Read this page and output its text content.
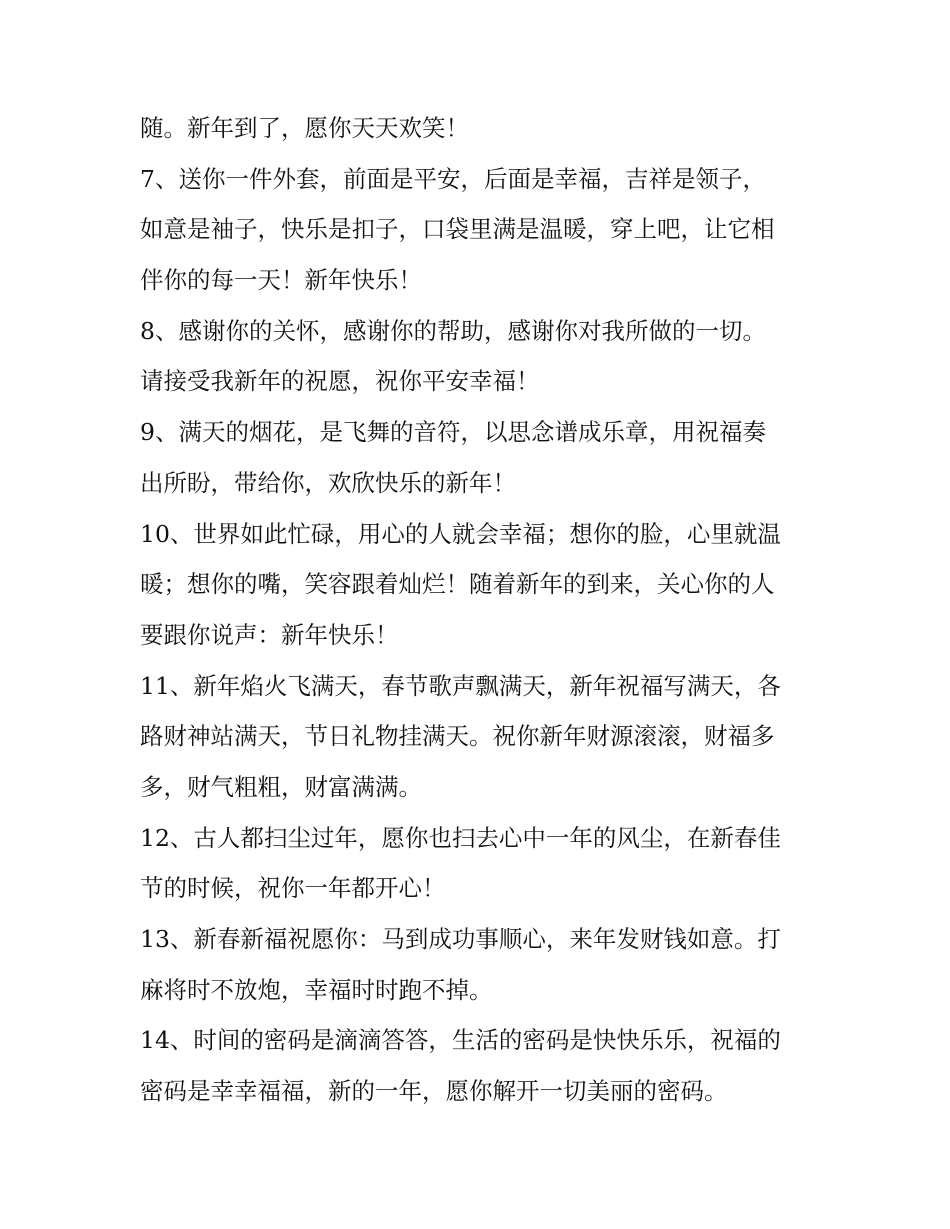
随。新年到了，愿你天天欢笑！
7、送你一件外套，前面是平安，后面是幸福，吉祥是领子，
如意是袖子，快乐是扣子，口袋里满是温暖，穿上吧，让它相
伴你的每一天！新年快乐！
8、感谢你的关怀，感谢你的帮助，感谢你对我所做的一切。
请接受我新年的祝愿，祝你平安幸福！
9、满天的烟花，是飞舞的音符，以思念谱成乐章，用祝福奏
出所盼，带给你，欢欣快乐的新年！
10、世界如此忙碌，用心的人就会幸福；想你的脸，心里就温
暖；想你的嘴，笑容跟着灿烂！随着新年的到来，关心你的人
要跟你说声：新年快乐！
11、新年焰火飞满天，春节歌声飘满天，新年祝福写满天，各
路财神站满天，节日礼物挂满天。祝你新年财源滚滚，财福多
多，财气粗粗，财富满满。
12、古人都扫尘过年，愿你也扫去心中一年的风尘，在新春佳
节的时候，祝你一年都开心！
13、新春新福祝愿你：马到成功事顺心，来年发财钱如意。打
麻将时不放炮，幸福时时跑不掉。
14、时间的密码是滴滴答答，生活的密码是快快乐乐，祝福的
密码是幸幸福福，新的一年，愿你解开一切美丽的密码。
